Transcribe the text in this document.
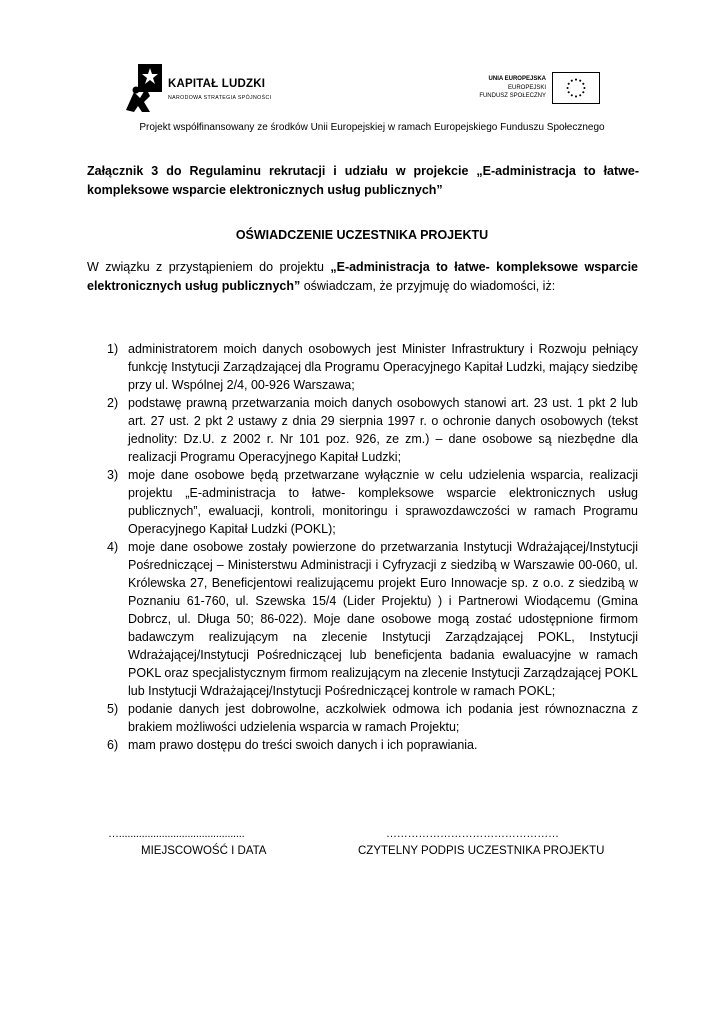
KAPITAŁ LUDZKI
NARODOWA STRATEGIA SPÓJNOŚCI
UNIA EUROPEJSKA
EUROPEJSKI
FUNDUSZ SPOŁECZNY
Projekt współfinansowany ze środków Unii Europejskiej w ramach Europejskiego Funduszu Społecznego
Załącznik 3 do Regulaminu rekrutacji i udziału w projekcie „E-administracja to łatwe-kompleksowe wsparcie elektronicznych usług publicznych”
OŚWIADCZENIE UCZESTNIKA PROJEKTU
W związku z przystąpieniem do projektu „E-administracja to łatwe- kompleksowe wsparcie elektronicznych usług publicznych” oświadczam, że przyjmuję do wiadomości, iż:
1) administratorem moich danych osobowych jest Minister Infrastruktury i Rozwoju pełniący funkcję Instytucji Zarządzającej dla Programu Operacyjnego Kapitał Ludzki, mający siedzibę przy ul. Wspólnej 2/4, 00-926 Warszawa;
2) podstawę prawną przetwarzania moich danych osobowych stanowi art. 23 ust. 1 pkt 2 lub art. 27 ust. 2 pkt 2 ustawy z dnia 29 sierpnia 1997 r. o ochronie danych osobowych (tekst jednolity: Dz.U. z 2002 r. Nr 101 poz. 926, ze zm.) – dane osobowe są niezbędne dla realizacji Programu Operacyjnego Kapitał Ludzki;
3) moje dane osobowe będą przetwarzane wyłącznie w celu udzielenia wsparcia, realizacji projektu „E-administracja to łatwe- kompleksowe wsparcie elektronicznych usług publicznych”, ewaluacji, kontroli, monitoringu i sprawozdawczości w ramach Programu Operacyjnego Kapitał Ludzki (POKL);
4) moje dane osobowe zostały powierzone do przetwarzania Instytucji Wdrażającej/Instytucji Pośredniczącej – Ministerstwu Administracji i Cyfryzacji z siedzibą w Warszawie 00-060, ul. Królewska 27, Beneficjentowi realizującemu projekt Euro Innowacje sp. z o.o. z siedzibą w Poznaniu 61-760, ul. Szewska 15/4 (Lider Projektu) ) i Partnerowi Wiodącemu (Gmina Dobrcz, ul. Długa 50; 86-022). Moje dane osobowe mogą zostać udostępnione firmom badawczym realizującym na zlecenie Instytucji Zarządzającej POKL, Instytucji Wdrażającej/Instytucji Pośredniczącej lub beneficjenta badania ewaluacyjne w ramach POKL oraz specjalistycznym firmom realizującym na zlecenie Instytucji Zarządzającej POKL lub Instytucji Wdrażającej/Instytucji Pośredniczącej kontrole w ramach POKL;
5) podanie danych jest dobrowolne, aczkolwiek odmowa ich podania jest równoznaczna z brakiem możliwości udzielenia wsparcia w ramach Projektu;
6) mam prawo dostępu do treści swoich danych i ich poprawiania.
…............................................
MIEJSCOWOŚĆ I DATA
…………………………………………
CZYTELNY PODPIS UCZESTNIKA PROJEKTU
